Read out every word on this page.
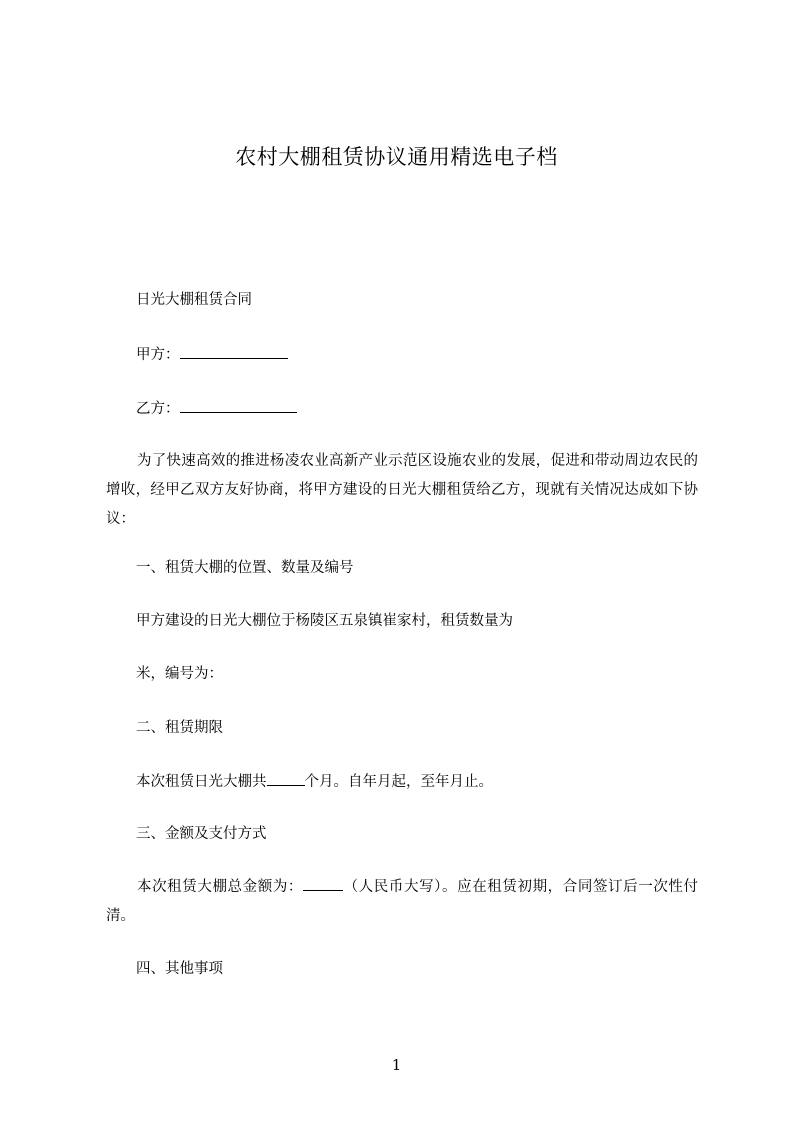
农村大棚租赁协议通用精选电子档

日光大棚租赁合同

甲方：

乙方：

为了快速高效的推进杨凌农业高新产业示范区设施农业的发展，促进和带动周边农民的增收，经甲乙双方友好协商，将甲方建设的日光大棚租赁给乙方，现就有关情况达成如下协议：

一、租赁大棚的位置、数量及编号

甲方建设的日光大棚位于杨陵区五泉镇崔家村，租赁数量为

米，编号为：

二、租赁期限

本次租赁日光大棚共	个月。自年月起，至年月止。

三、金额及支付方式

本次租赁大棚总金额为：	（人民币大写）。应在租赁初期，合同签订后一次性付清。

四、其他事项

1
